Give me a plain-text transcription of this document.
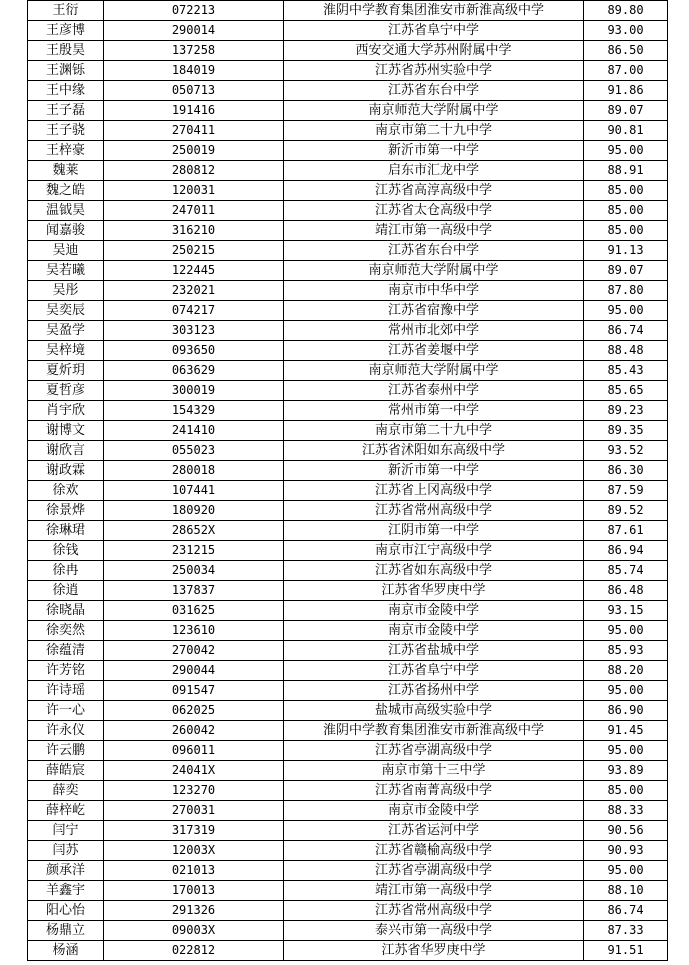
王衍	072213	淮阴中学教育集团淮安市新淮高级中学	89.80
王彦博	290014	江苏省阜宁中学	93.00
王殷昊	137258	西安交通大学苏州附属中学	86.50
王渊铄	184019	江苏省苏州实验中学	87.00
王中缘	050713	江苏省东台中学	91.86
王子磊	191416	南京师范大学附属中学	89.07
王子骁	270411	南京市第二十九中学	90.81
王梓豪	250019	新沂市第一中学	95.00
魏莱	280812	启东市汇龙中学	88.91
魏之皓	120031	江苏省高淳高级中学	85.00
温钺昊	247011	江苏省太仓高级中学	85.00
闻嘉骏	316210	靖江市第一高级中学	85.00
吴迪	250215	江苏省东台中学	91.13
吴若曦	122445	南京师范大学附属中学	89.07
吴彤	232021	南京市中华中学	87.80
吴奕辰	074217	江苏省宿豫中学	95.00
吴盈学	303123	常州市北郊中学	86.74
吴梓境	093650	江苏省姜堰中学	88.48
夏炘玥	063629	南京师范大学附属中学	85.43
夏哲彦	300019	江苏省泰州中学	85.65
肖宇欣	154329	常州市第一中学	89.23
谢博文	241410	南京市第二十九中学	89.35
谢欣言	055023	江苏省沭阳如东高级中学	93.52
谢政霖	280018	新沂市第一中学	86.30
徐欢	107441	江苏省上冈高级中学	87.59
徐景烨	180920	江苏省常州高级中学	89.52
徐琳珺	28652X	江阴市第一中学	87.61
徐钱	231215	南京市江宁高级中学	86.94
徐冉	250034	江苏省如东高级中学	85.74
徐逍	137837	江苏省华罗庚中学	86.48
徐晓晶	031625	南京市金陵中学	93.15
徐奕然	123610	南京市金陵中学	95.00
徐蕴清	270042	江苏省盐城中学	85.93
许芳铭	290044	江苏省阜宁中学	88.20
许诗瑶	091547	江苏省扬州中学	95.00
许一心	062025	盐城市高级实验中学	86.90
许永仪	260042	淮阴中学教育集团淮安市新淮高级中学	91.45
许云鹏	096011	江苏省亭湖高级中学	95.00
薛皓宸	24041X	南京市第十三中学	93.89
薛奕	123270	江苏省南菁高级中学	85.00
薛梓屹	270031	南京市金陵中学	88.33
闫宁	317319	江苏省运河中学	90.56
闫苏	12003X	江苏省赣榆高级中学	90.93
颜承洋	021013	江苏省亭湖高级中学	95.00
羊鑫宇	170013	靖江市第一高级中学	88.10
阳心怡	291326	江苏省常州高级中学	86.74
杨鼎立	09003X	泰兴市第一高级中学	87.33
杨涵	022812	江苏省华罗庚中学	91.51
